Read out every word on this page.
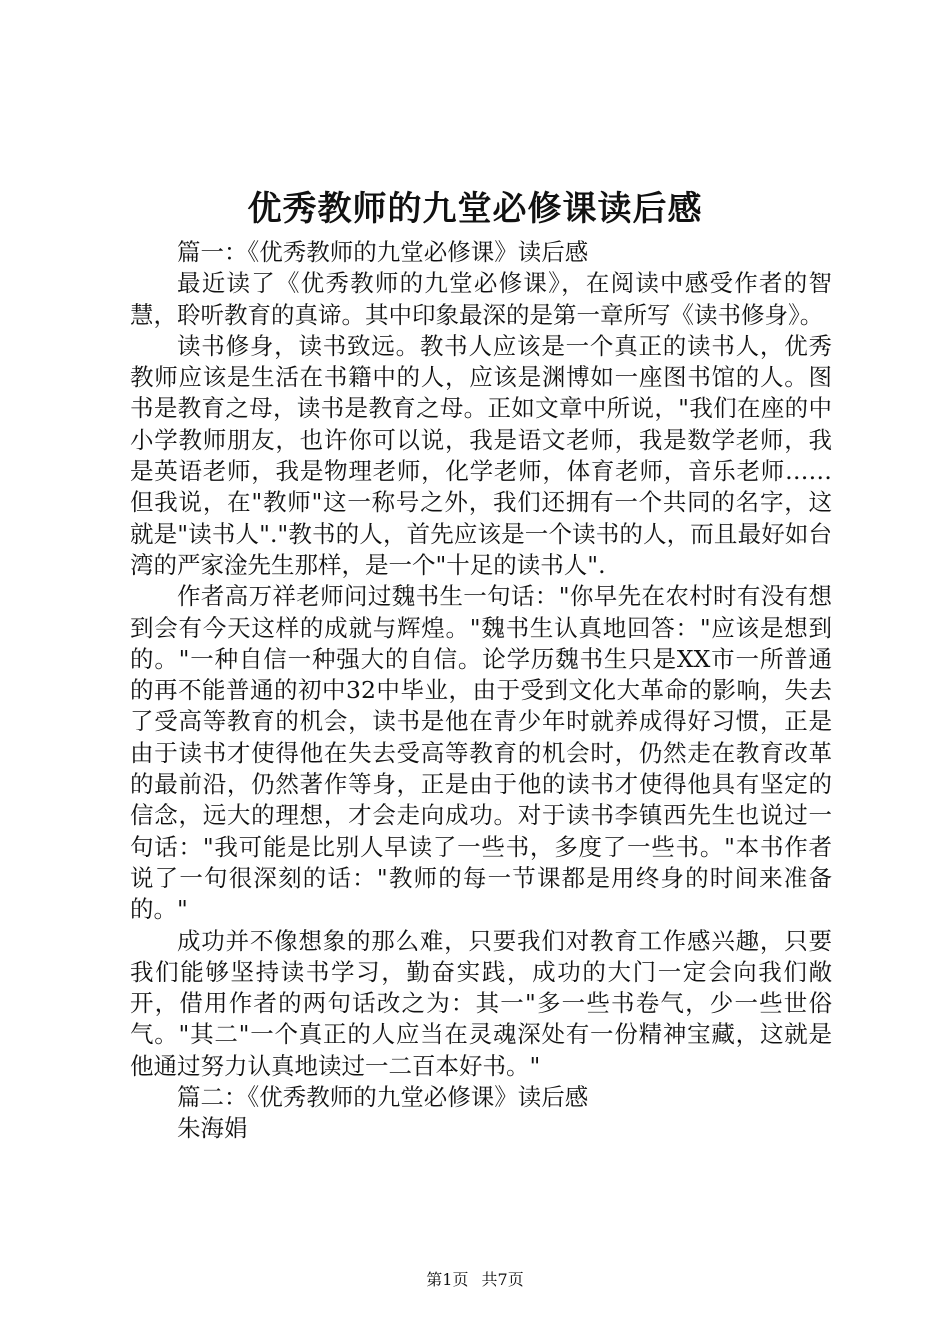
优秀教师的九堂必修课读后感

篇一：《优秀教师的九堂必修课》读后感

最近读了《优秀教师的九堂必修课》，在阅读中感受作者的智慧，聆听教育的真谛。其中印象最深的是第一章所写《读书修身》。

读书修身，读书致远。教书人应该是一个真正的读书人，优秀教师应该是生活在书籍中的人，应该是渊博如一座图书馆的人。图书是教育之母，读书是教育之母。正如文章中所说，"我们在座的中小学教师朋友，也许你可以说，我是语文老师，我是数学老师，我是英语老师，我是物理老师，化学老师，体育老师，音乐老师……但我说，在"教师"这一称号之外，我们还拥有一个共同的名字，这就是"读书人"."教书的人，首先应该是一个读书的人，而且最好如台湾的严家淦先生那样，是一个"十足的读书人".

作者高万祥老师问过魏书生一句话："你早先在农村时有没有想到会有今天这样的成就与辉煌。"魏书生认真地回答："应该是想到的。"一种自信一种强大的自信。论学历魏书生只是XX市一所普通的再不能普通的初中32中毕业，由于受到文化大革命的影响，失去了受高等教育的机会，读书是他在青少年时就养成得好习惯，正是由于读书才使得他在失去受高等教育的机会时，仍然走在教育改革的最前沿，仍然著作等身，正是由于他的读书才使得他具有坚定的信念，远大的理想，才会走向成功。对于读书李镇西先生也说过一句话："我可能是比别人早读了一些书，多度了一些书。"本书作者说了一句很深刻的话："教师的每一节课都是用终身的时间来准备的。"

成功并不像想象的那么难，只要我们对教育工作感兴趣，只要我们能够坚持读书学习，勤奋实践，成功的大门一定会向我们敞开，借用作者的两句话改之为：其一"多一些书卷气，少一些世俗气。"其二"一个真正的人应当在灵魂深处有一份精神宝藏，这就是他通过努力认真地读过一二百本好书。"

篇二：《优秀教师的九堂必修课》读后感

朱海娟

第1页 共7页
